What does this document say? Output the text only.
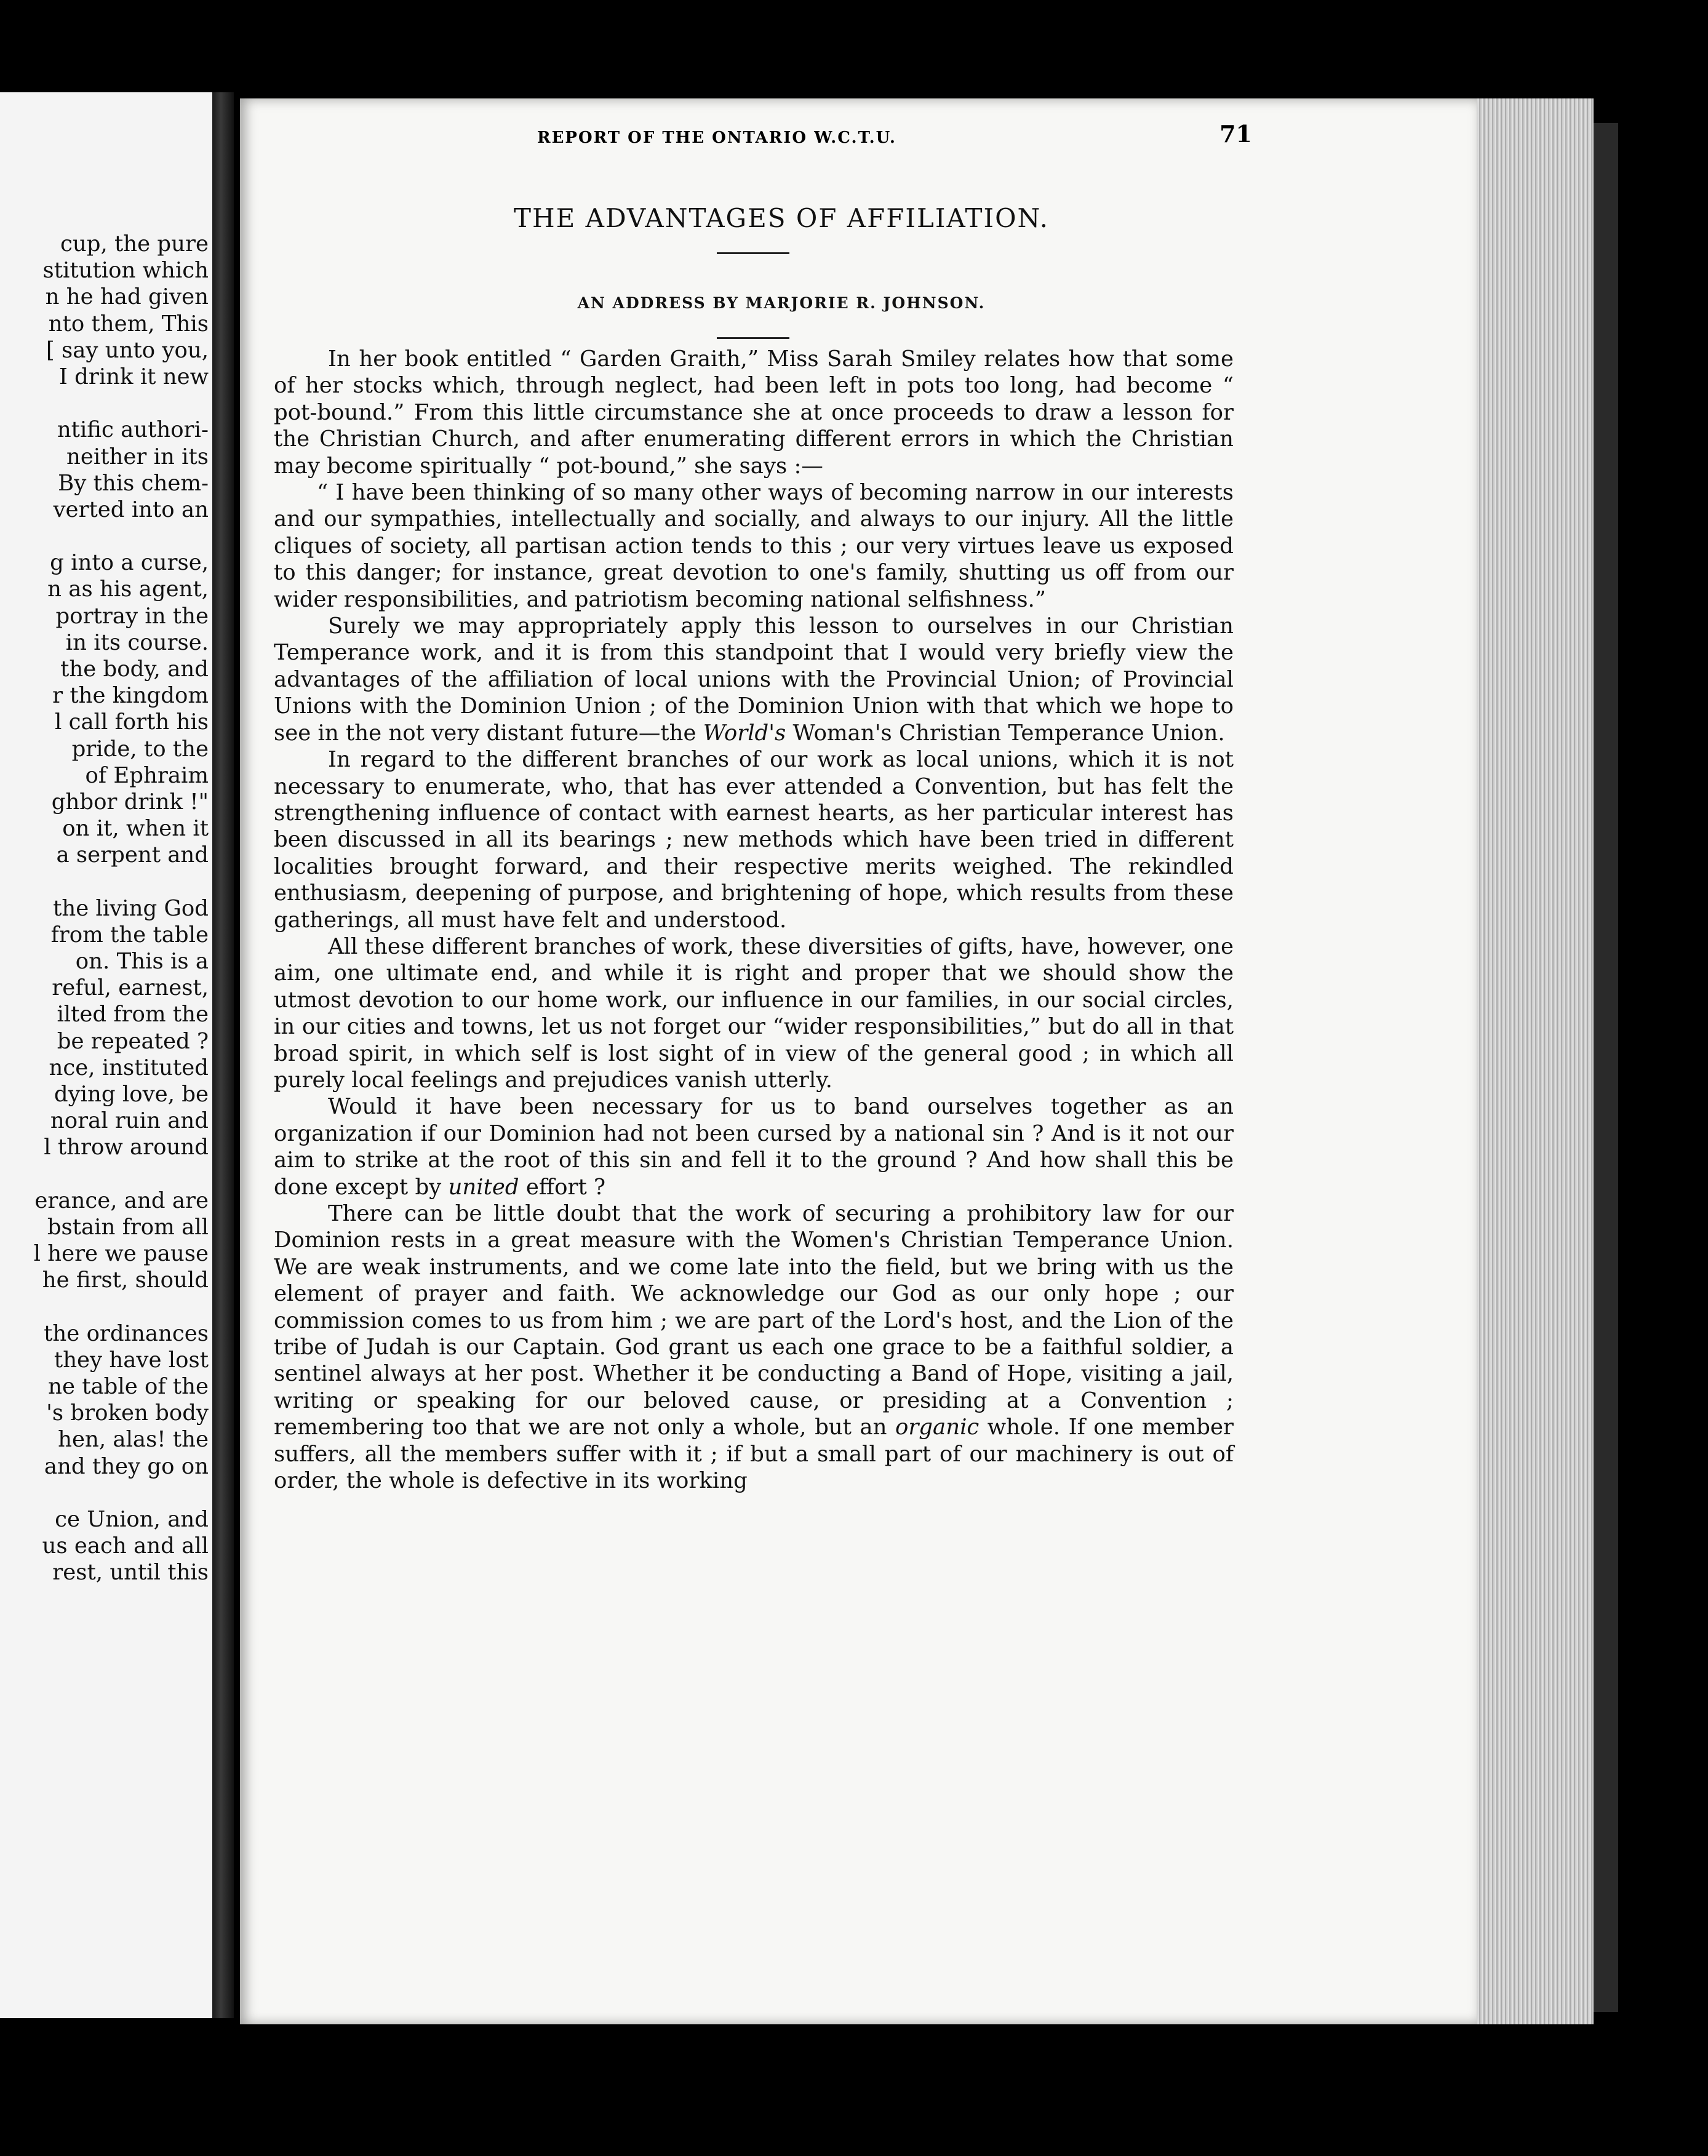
cup, the pure
stitution which
n he had given
nto them, This
[ say unto you,
I drink it new
ntific authori-
neither in its
By this chem-
verted into an
g into a curse,
n as his agent,
portray in the
in its course.
the body, and
r the kingdom
l call forth his
pride, to the
of Ephraim
ghbor drink !"
on it, when it
a serpent and
the living God
from the table
on. This is a
reful, earnest,
ilted from the
be repeated ?
nce, instituted
dying love, be
noral ruin and
l throw around
erance, and are
bstain from all
l here we pause
he first, should
the ordinances
they have lost
ne table of the
's broken body
hen, alas! the
and they go on
ce Union, and
us each and all
rest, until this
REPORT OF THE ONTARIO W.C.T.U.	71
THE ADVANTAGES OF AFFILIATION.
AN ADDRESS BY MARJORIE R. JOHNSON.

In her book entitled “ Garden Graith,” Miss Sarah Smiley relates how that some of her stocks which, through neglect, had been left in pots too long, had become “ pot-bound.” From this little circumstance she at once proceeds to draw a lesson for the Christian Church, and after enumerating different errors in which the Christian may become spiritually “ pot-bound,” she says :—

“ I have been thinking of so many other ways of becoming narrow in our interests and our sympathies, intellectually and socially, and always to our injury. All the little cliques of society, all partisan action tends to this ; our very virtues leave us exposed to this danger; for instance, great devotion to one's family, shutting us off from our wider responsibilities, and patriotism becoming national selfishness.”

Surely we may appropriately apply this lesson to ourselves in our Christian Temperance work, and it is from this standpoint that I would very briefly view the advantages of the affiliation of local unions with the Provincial Union; of Provincial Unions with the Dominion Union ; of the Dominion Union with that which we hope to see in the not very distant future—the World's Woman's Christian Temperance Union.

In regard to the different branches of our work as local unions, which it is not necessary to enumerate, who, that has ever attended a Convention, but has felt the strengthening influence of contact with earnest hearts, as her particular interest has been discussed in all its bearings ; new methods which have been tried in different localities brought forward, and their respective merits weighed. The rekindled enthusiasm, deepening of purpose, and brightening of hope, which results from these gatherings, all must have felt and understood.

All these different branches of work, these diversities of gifts, have, however, one aim, one ultimate end, and while it is right and proper that we should show the utmost devotion to our home work, our influence in our families, in our social circles, in our cities and towns, let us not forget our “wider responsibilities,” but do all in that broad spirit, in which self is lost sight of in view of the general good ; in which all purely local feelings and prejudices vanish utterly.

Would it have been necessary for us to band ourselves together as an organization if our Dominion had not been cursed by a national sin ? And is it not our aim to strike at the root of this sin and fell it to the ground ? And how shall this be done except by united effort ?

There can be little doubt that the work of securing a prohibitory law for our Dominion rests in a great measure with the Women's Christian Temperance Union. We are weak instruments, and we come late into the field, but we bring with us the element of prayer and faith. We acknowledge our God as our only hope ; our commission comes to us from him ; we are part of the Lord's host, and the Lion of the tribe of Judah is our Captain. God grant us each one grace to be a faithful soldier, a sentinel always at her post. Whether it be conducting a Band of Hope, visiting a jail, writing or speaking for our beloved cause, or presiding at a Convention ; remembering too that we are not only a whole, but an organic whole. If one member suffers, all the members suffer with it ; if but a small part of our machinery is out of order, the whole is defective in its working
